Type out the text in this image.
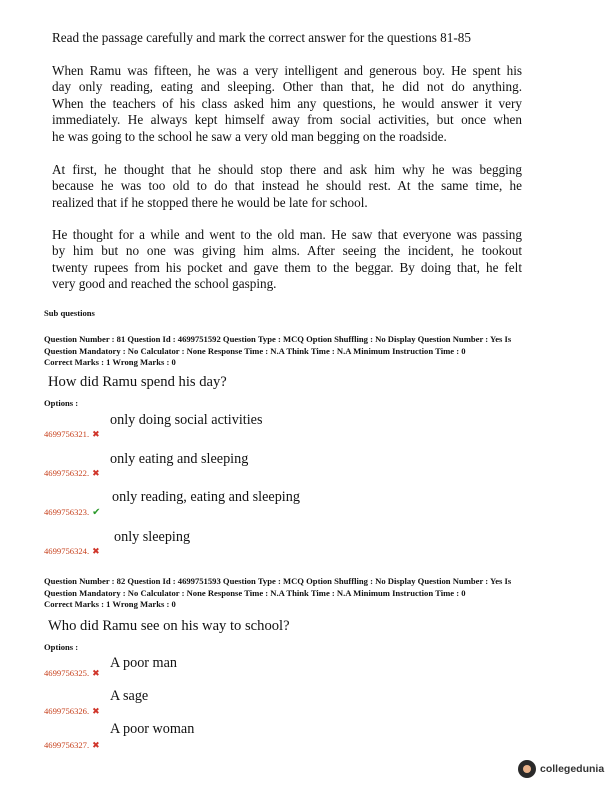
Read the passage carefully and mark the correct answer for the questions 81-85
When Ramu was fifteen, he was a very intelligent and generous boy. He spent his
day only reading, eating and sleeping. Other than that, he did not do anything.
When the teachers of his class asked him any questions, he would answer it very
immediately. He always kept himself away from social activities, but once when
he was going to the school he saw a very old man begging on the roadside.
At first, he thought that he should stop there and ask him why he was begging
because he was too old to do that instead he should rest. At the same time, he
realized that if he stopped there he would be late for school.
He thought for a while and went to the old man. He saw that everyone was passing
by him but no one was giving him alms. After seeing the incident, he tookout
twenty rupees from his pocket and gave them to the beggar. By doing that, he felt
very good and reached the school gasping.
Sub questions
Question Number : 81 Question Id : 4699751592 Question Type : MCQ Option Shuffling : No Display Question Number : Yes Is
Question Mandatory : No Calculator : None Response Time : N.A Think Time : N.A Minimum Instruction Time : 0
Correct Marks : 1 Wrong Marks : 0
How did Ramu spend his day?
Options :
4699756321. ✖
only doing social activities
4699756322. ✖
only eating and sleeping
4699756323. ✔
only reading, eating and sleeping
4699756324. ✖
only sleeping
Question Number : 82 Question Id : 4699751593 Question Type : MCQ Option Shuffling : No Display Question Number : Yes Is
Question Mandatory : No Calculator : None Response Time : N.A Think Time : N.A Minimum Instruction Time : 0
Correct Marks : 1 Wrong Marks : 0
Who did Ramu see on his way to school?
Options :
4699756325. ✖
A poor man
4699756326. ✖
A sage
4699756327. ✖
A poor woman
collegedunia
